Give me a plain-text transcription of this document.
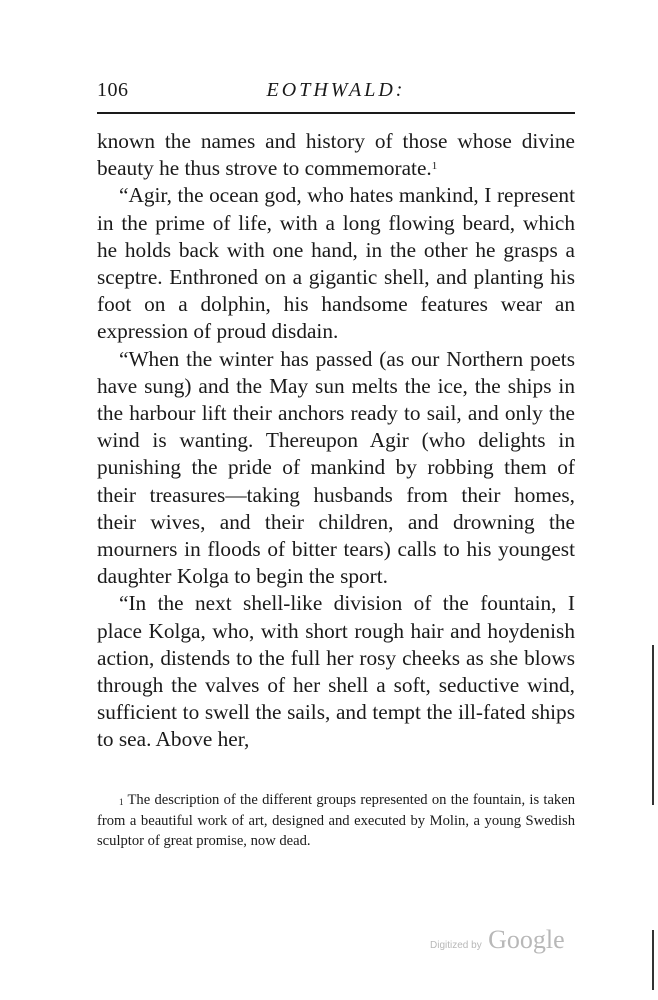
106	EOTHWALD:

known the names and history of those whose divine beauty he thus strove to commemorate.$^1$

“Agir, the ocean god, who hates mankind, I represent in the prime of life, with a long flowing beard, which he holds back with one hand, in the other he grasps a sceptre. Enthroned on a gigantic shell, and planting his foot on a dolphin, his handsome features wear an expression of proud disdain.

“When the winter has passed (as our Northern poets have sung) and the May sun melts the ice, the ships in the harbour lift their anchors ready to sail, and only the wind is wanting. Thereupon Agir (who delights in punishing the pride of mankind by robbing them of their treasures—taking husbands from their homes, their wives, and their children, and drowning the mourners in floods of bitter tears) calls to his youngest daughter Kolga to begin the sport.

“In the next shell-like division of the fountain, I place Kolga, who, with short rough hair and hoydenish action, distends to the full her rosy cheeks as she blows through the valves of her shell a soft, seductive wind, sufficient to swell the sails, and tempt the ill-fated ships to sea. Above her,

$^1$ The description of the different groups represented on the fountain, is taken from a beautiful work of art, designed and executed by Molin, a young Swedish sculptor of great promise, now dead.

Digitized by Google
